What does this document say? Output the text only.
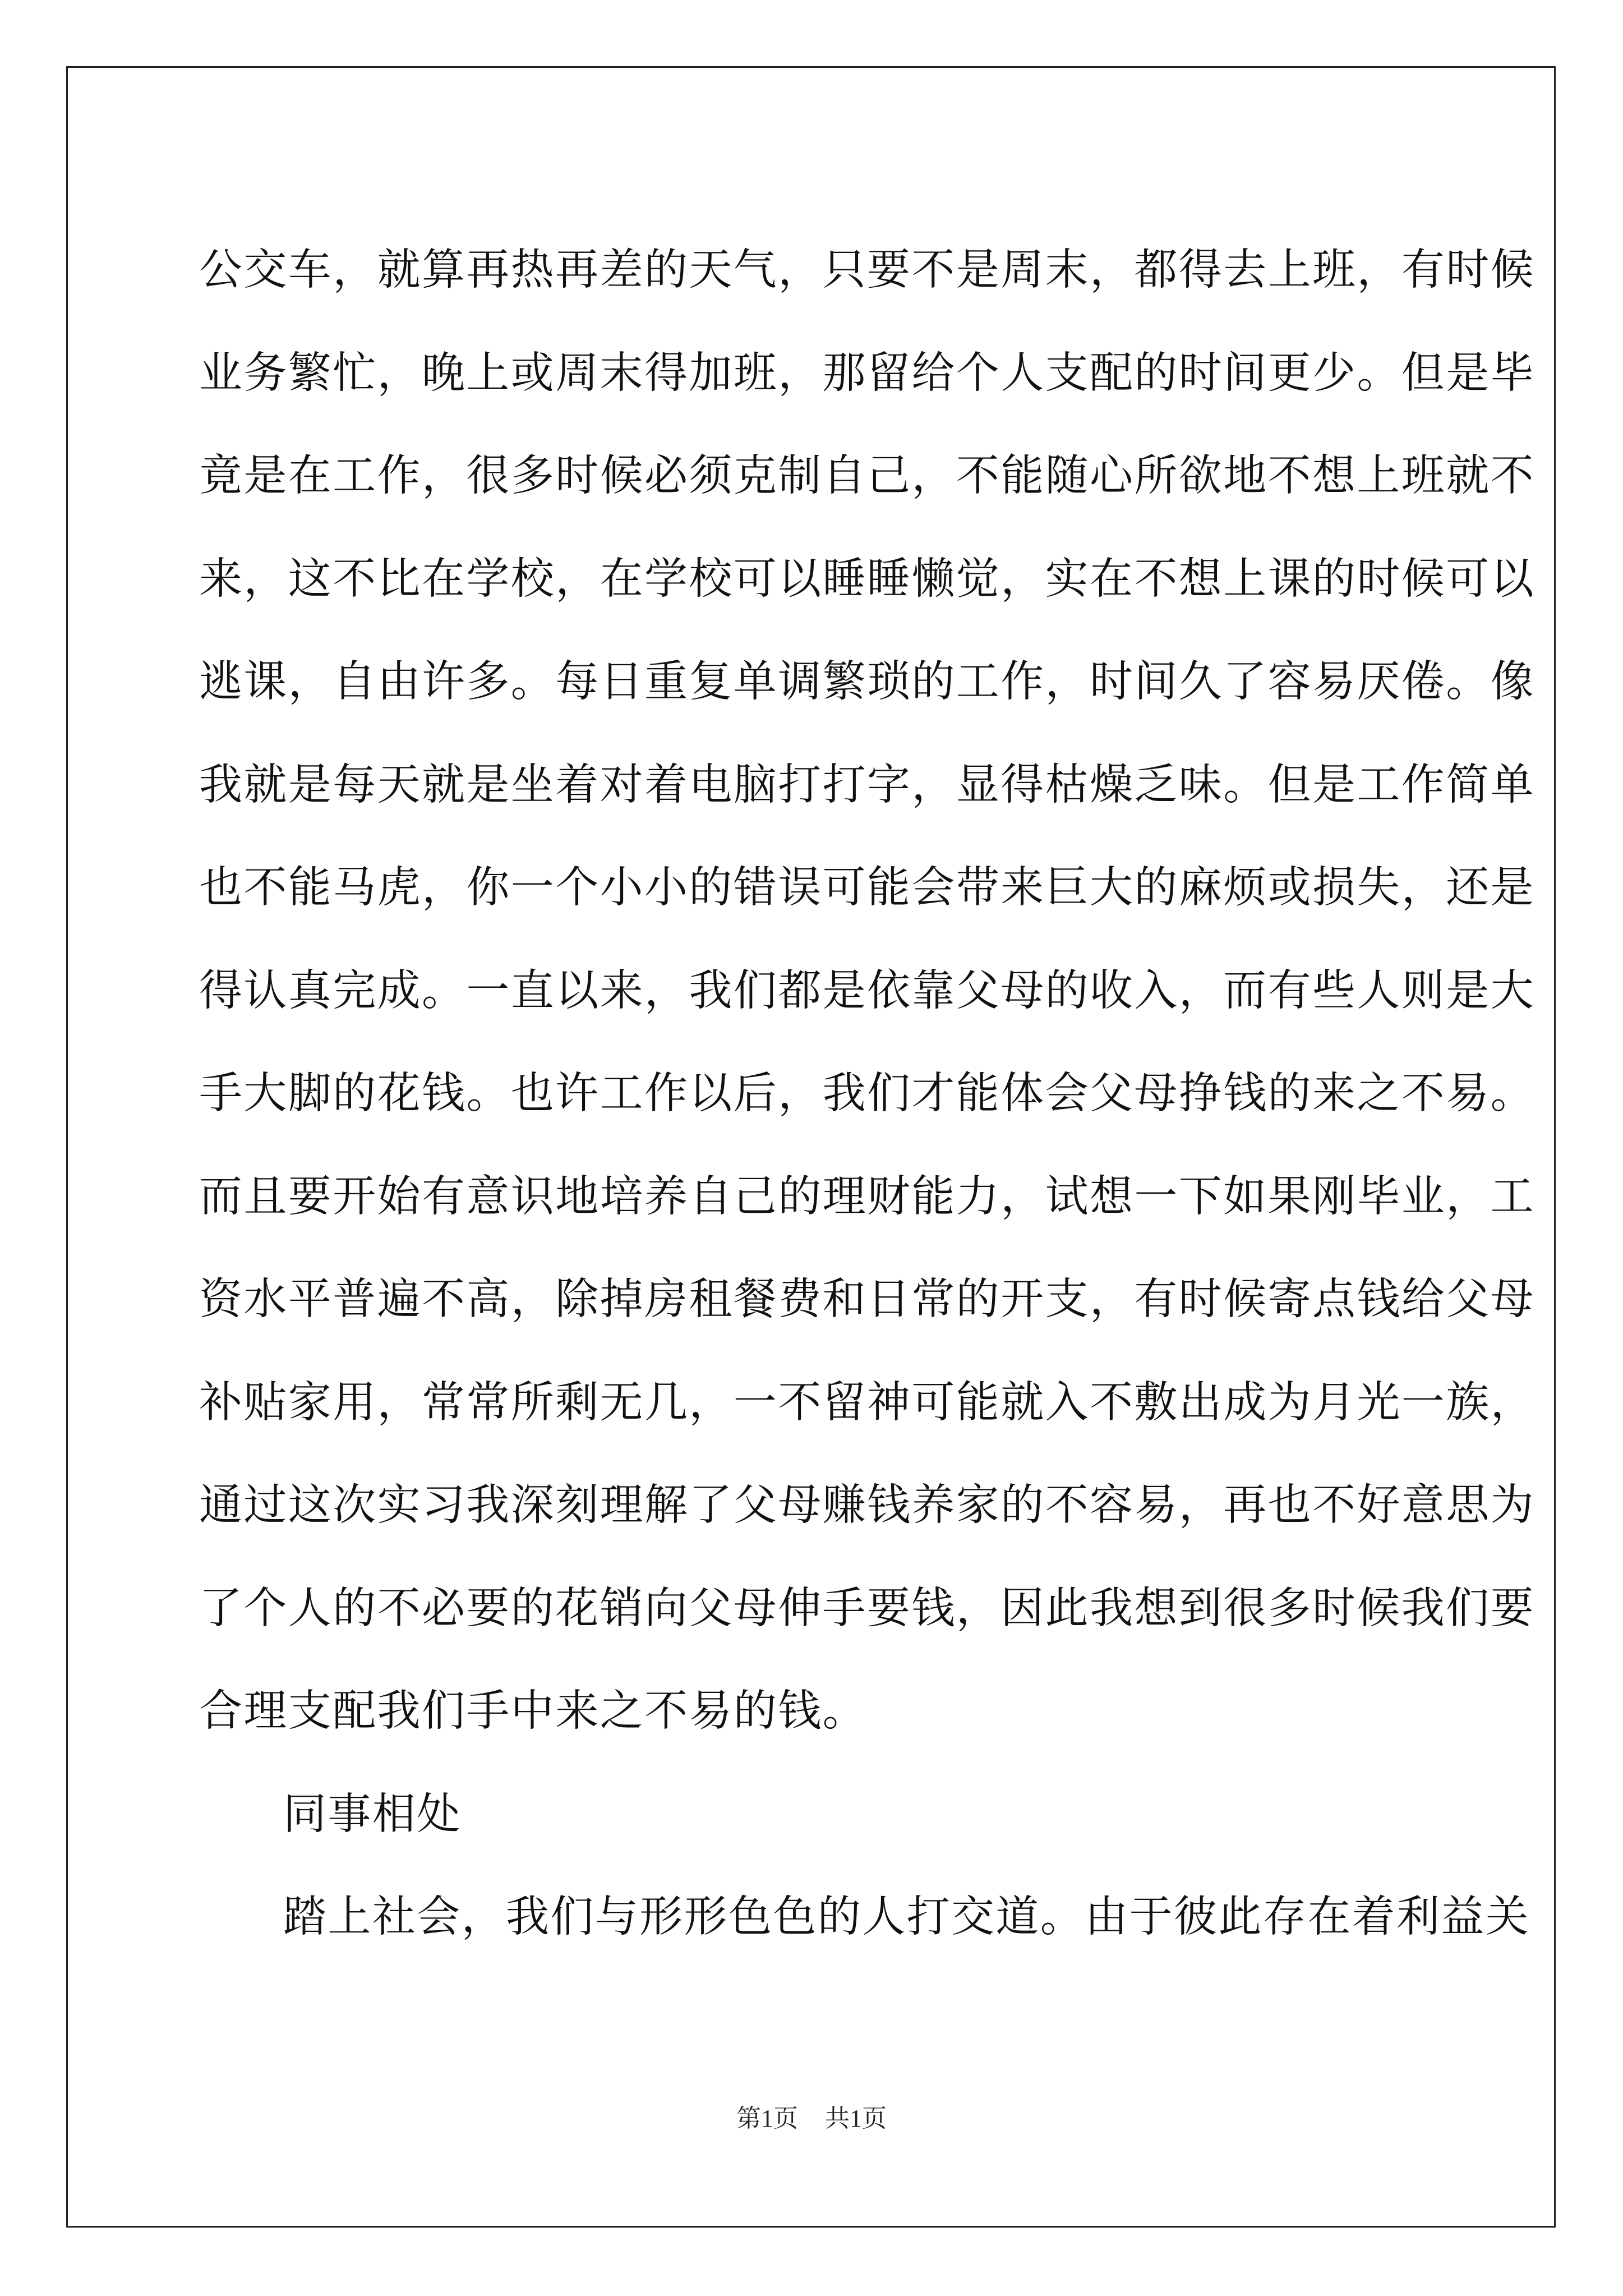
公交车，就算再热再差的天气，只要不是周末，都得去上班，有时候
业务繁忙，晚上或周末得加班，那留给个人支配的时间更少。但是毕
竟是在工作，很多时候必须克制自己，不能随心所欲地不想上班就不
来，这不比在学校，在学校可以睡睡懒觉，实在不想上课的时候可以
逃课，自由许多。每日重复单调繁琐的工作，时间久了容易厌倦。像
我就是每天就是坐着对着电脑打打字，显得枯燥乏味。但是工作简单
也不能马虎，你一个小小的错误可能会带来巨大的麻烦或损失，还是
得认真完成。一直以来，我们都是依靠父母的收入，而有些人则是大
手大脚的花钱。也许工作以后，我们才能体会父母挣钱的来之不易。
而且要开始有意识地培养自己的理财能力，试想一下如果刚毕业，工
资水平普遍不高，除掉房租餐费和日常的开支，有时候寄点钱给父母
补贴家用，常常所剩无几，一不留神可能就入不敷出成为月光一族，
通过这次实习我深刻理解了父母赚钱养家的不容易，再也不好意思为
了个人的不必要的花销向父母伸手要钱，因此我想到很多时候我们要
合理支配我们手中来之不易的钱。
同事相处
踏上社会，我们与形形色色的人打交道。由于彼此存在着利益关
第1页 共1页
